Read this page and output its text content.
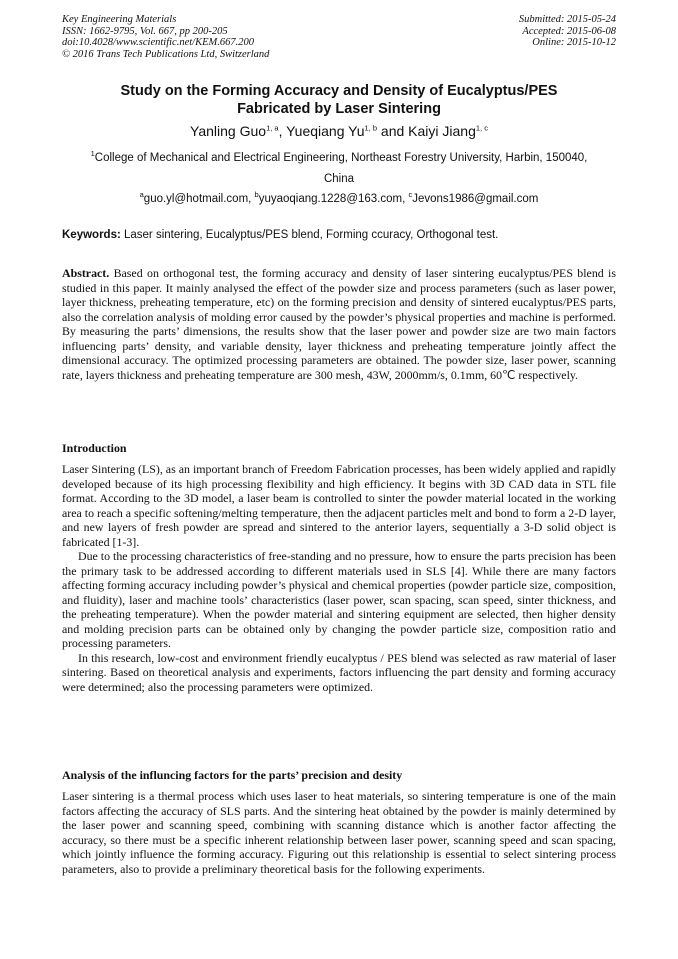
Key Engineering Materials
ISSN: 1662-9795, Vol. 667, pp 200-205
doi:10.4028/www.scientific.net/KEM.667.200
© 2016 Trans Tech Publications Ltd, Switzerland
Submitted: 2015-05-24
Accepted: 2015-06-08
Online: 2015-10-12
Study on the Forming Accuracy and Density of Eucalyptus/PES
Fabricated by Laser Sintering
Yanling Guo$^{1, a}$, Yueqiang Yu$^{1, b}$ and Kaiyi Jiang$^{1, c}$
$^1$College of Mechanical and Electrical Engineering, Northeast Forestry University, Harbin, 150040,
China
$^a$guo.yl@hotmail.com, $^b$yuyaoqiang.1228@163.com, $^c$Jevons1986@gmail.com
Keywords: Laser sintering, Eucalyptus/PES blend, Forming ccuracy, Orthogonal test.

Abstract. Based on orthogonal test, the forming accuracy and density of laser sintering eucalyptus/PES blend is studied in this paper. It mainly analysed the effect of the powder size and process parameters (such as laser power, layer thickness, preheating temperature, etc) on the forming precision and density of sintered eucalyptus/PES parts, also the correlation analysis of molding error caused by the powder’s physical properties and machine is performed. By measuring the parts’ dimensions, the results show that the laser power and powder size are two main factors influencing parts’ density, and variable density, layer thickness and preheating temperature jointly affect the dimensional accuracy. The optimized processing parameters are obtained. The powder size, laser power, scanning rate, layers thickness and preheating temperature are 300 mesh, 43W, 2000mm/s, 0.1mm, 60℃ respectively.

Introduction

Laser Sintering (LS), as an important branch of Freedom Fabrication processes, has been widely applied and rapidly developed because of its high processing flexibility and high efficiency. It begins with 3D CAD data in STL file format. According to the 3D model, a laser beam is controlled to sinter the powder material located in the working area to reach a specific softening/melting temperature, then the adjacent particles melt and bond to form a 2-D layer, and new layers of fresh powder are spread and sintered to the anterior layers, sequentially a 3-D solid object is fabricated [1-3].

Due to the processing characteristics of free-standing and no pressure, how to ensure the parts precision has been the primary task to be addressed according to different materials used in SLS [4]. While there are many factors affecting forming accuracy including powder’s physical and chemical properties (powder particle size, composition, and fluidity), laser and machine tools’ characteristics (laser power, scan spacing, scan speed, sinter thickness, and the preheating temperature). When the powder material and sintering equipment are selected, then higher density and molding precision parts can be obtained only by changing the powder particle size, composition ratio and processing parameters.

In this research, low-cost and environment friendly eucalyptus / PES blend was selected as raw material of laser sintering. Based on theoretical analysis and experiments, factors influencing the part density and forming accuracy were determined; also the processing parameters were optimized.

Analysis of the influncing factors for the parts’ precision and desity

Laser sintering is a thermal process which uses laser to heat materials, so sintering temperature is one of the main factors affecting the accuracy of SLS parts. And the sintering heat obtained by the powder is mainly determined by the laser power and scanning speed, combining with scanning distance which is another factor affecting the accuracy, so there must be a specific inherent relationship between laser power, scanning speed and scan spacing, which jointly influence the forming accuracy. Figuring out this relationship is essential to select sintering process parameters, also to provide a preliminary theoretical basis for the following experiments.
